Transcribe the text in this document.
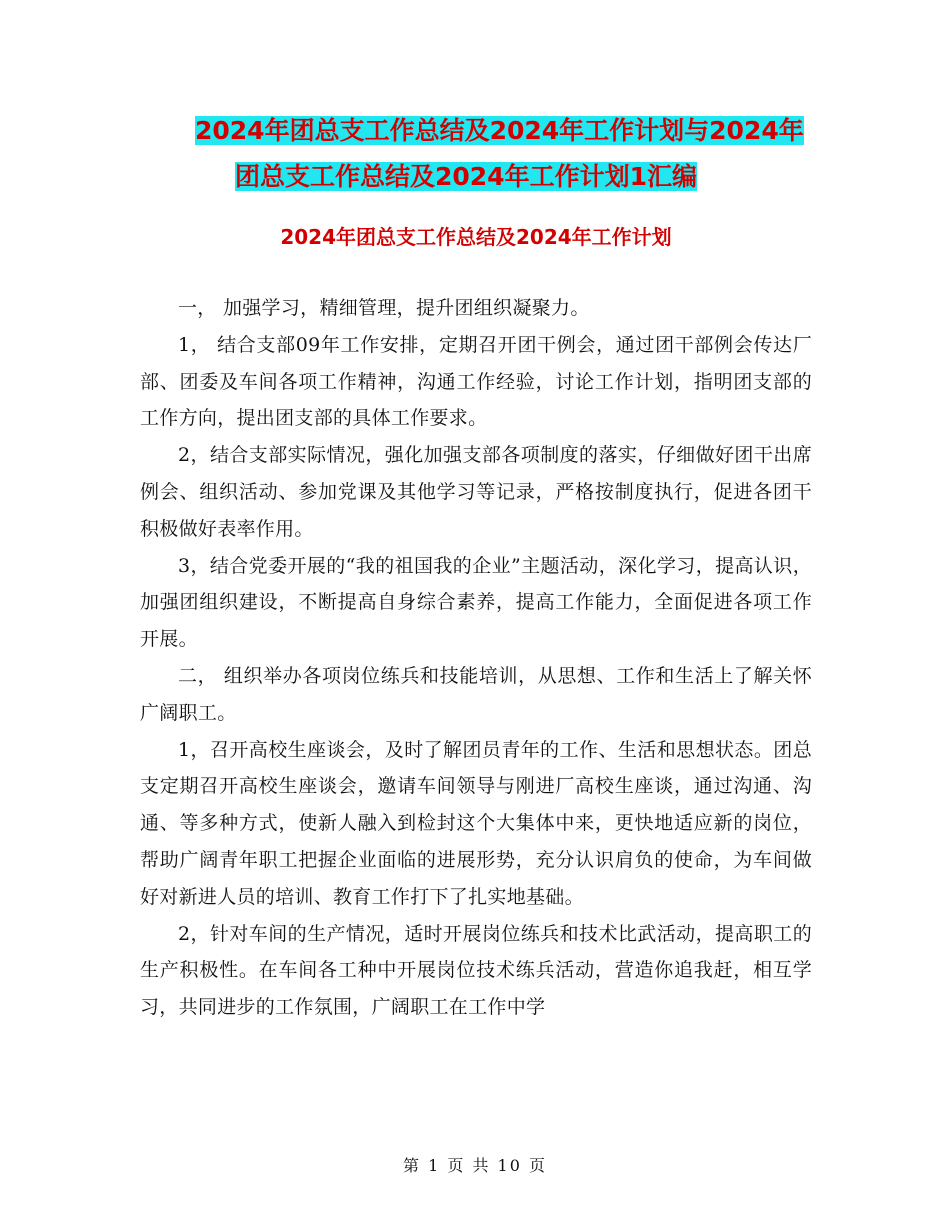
2024年团总支工作总结及2024年工作计划与2024年
团总支工作总结及2024年工作计划1汇编
2024年团总支工作总结及2024年工作计划

一， 加强学习，精细管理，提升团组织凝聚力。

1， 结合支部09年工作安排，定期召开团干例会，通过团干部例会传达厂部、团委及车间各项工作精神，沟通工作经验，讨论工作计划，指明团支部的工作方向，提出团支部的具体工作要求。

2，结合支部实际情况，强化加强支部各项制度的落实，仔细做好团干出席例会、组织活动、参加党课及其他学习等记录，严格按制度执行，促进各团干积极做好表率作用。

3，结合党委开展的“我的祖国我的企业”主题活动，深化学习，提高认识，加强团组织建设，不断提高自身综合素养，提高工作能力，全面促进各项工作开展。

二， 组织举办各项岗位练兵和技能培训，从思想、工作和生活上了解关怀广阔职工。

1，召开高校生座谈会，及时了解团员青年的工作、生活和思想状态。团总支定期召开高校生座谈会，邀请车间领导与刚进厂高校生座谈，通过沟通、沟通、等多种方式，使新人融入到检封这个大集体中来，更快地适应新的岗位，帮助广阔青年职工把握企业面临的进展形势，充分认识肩负的使命，为车间做好对新进人员的培训、教育工作打下了扎实地基础。

2，针对车间的生产情况，适时开展岗位练兵和技术比武活动，提高职工的生产积极性。在车间各工种中开展岗位技术练兵活动，营造你追我赶，相互学习，共同进步的工作氛围，广阔职工在工作中学

第 1 页 共 10 页
